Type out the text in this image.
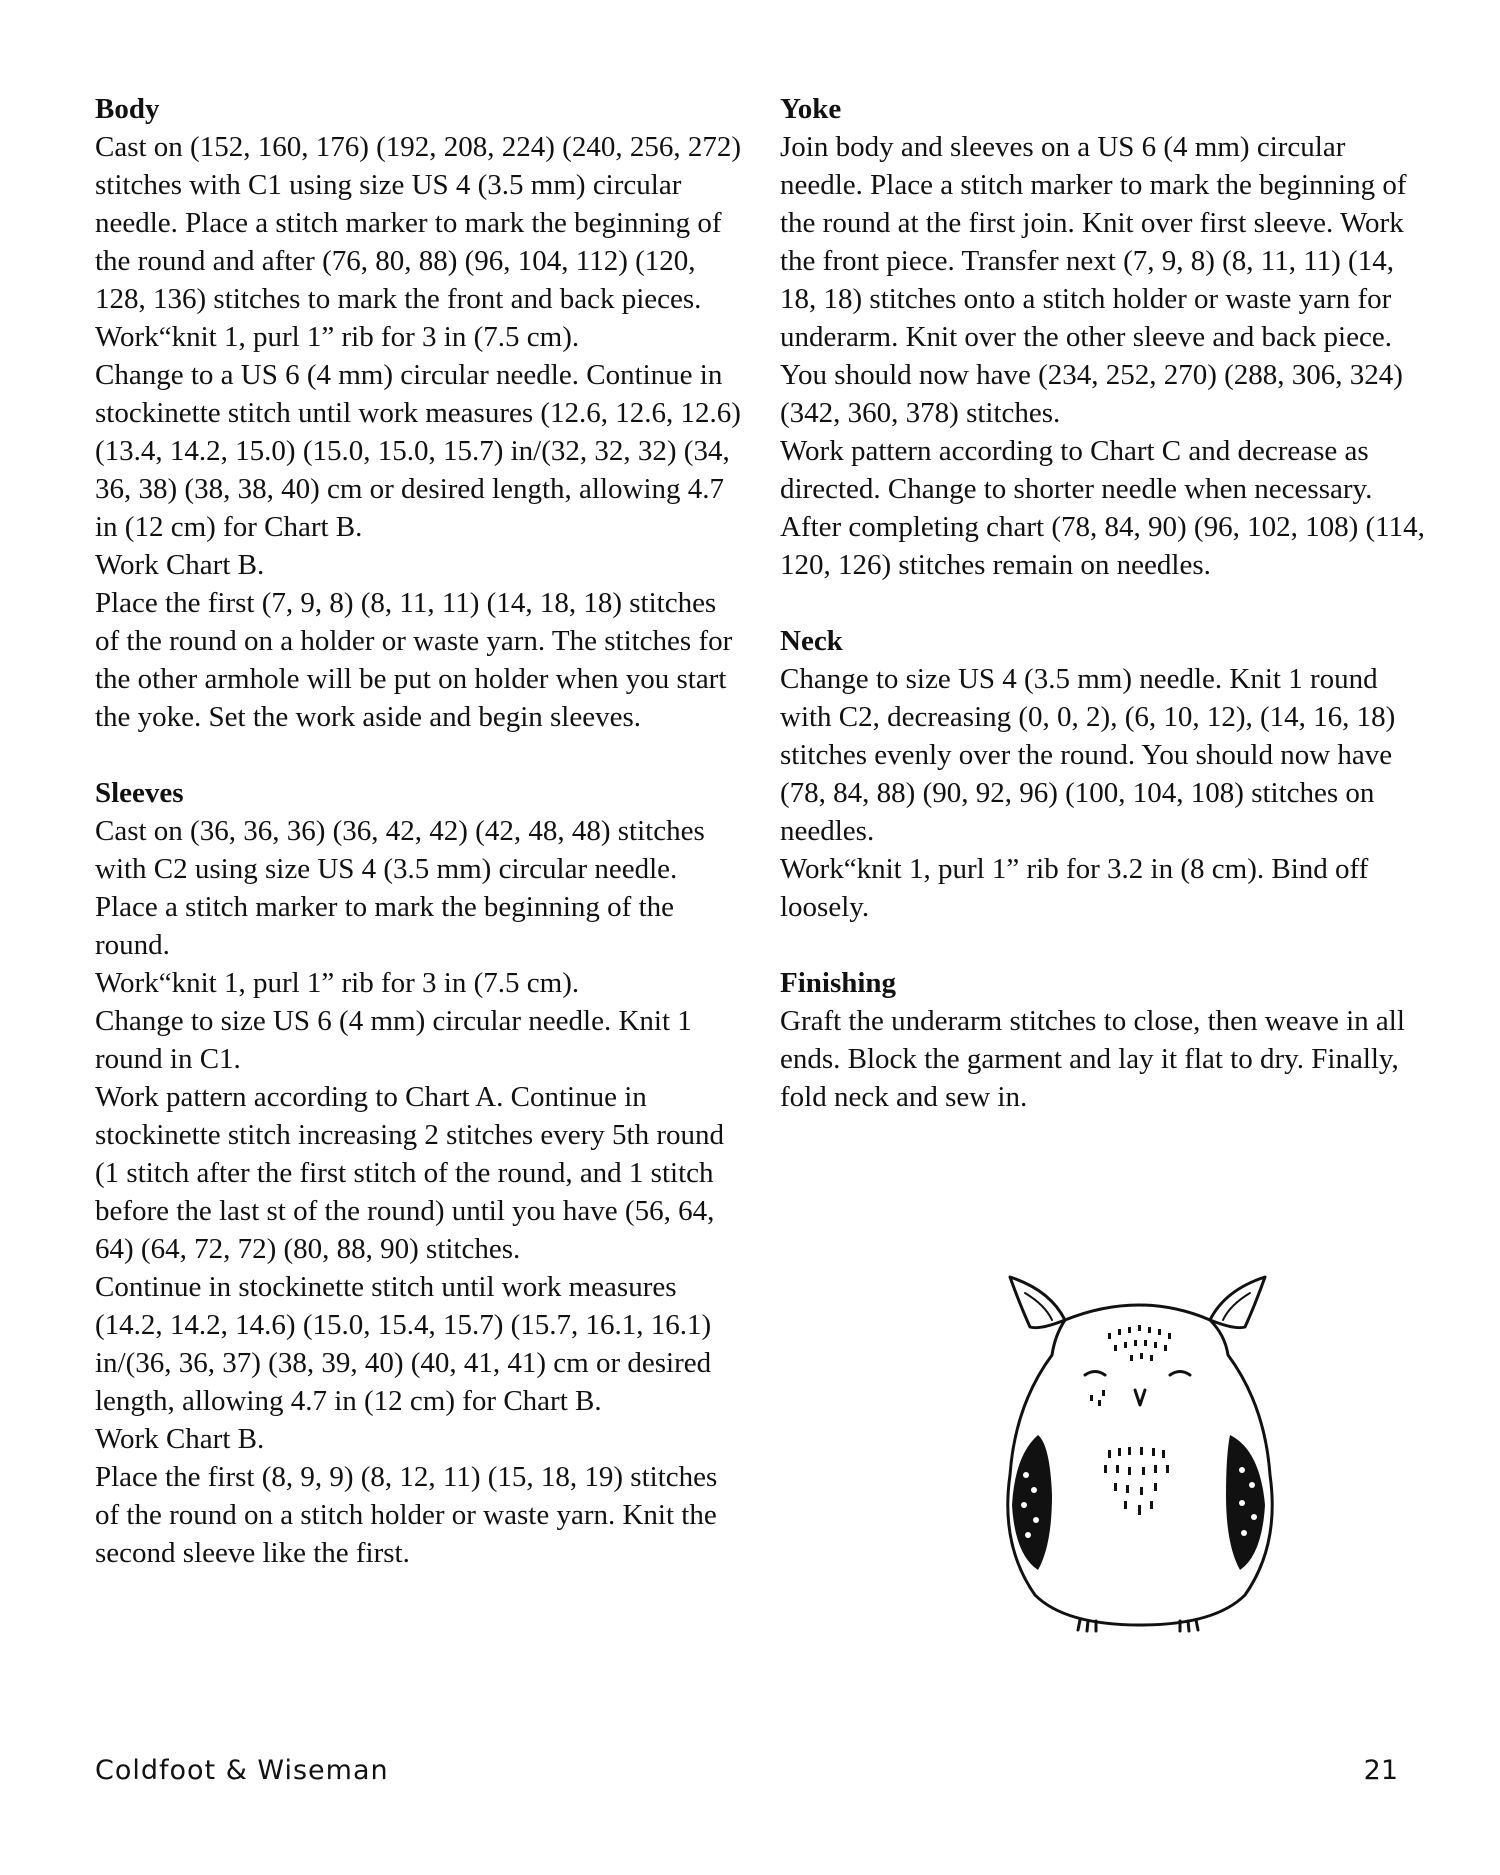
Body

Cast on (152, 160, 176) (192, 208, 224) (240, 256, 272) stitches with C1 using size US 4 (3.5 mm) circular needle. Place a stitch marker to mark the beginning of the round and after (76, 80, 88) (96, 104, 112) (120, 128, 136) stitches to mark the front and back pieces.

Work“knit 1, purl 1” rib for 3 in (7.5 cm).

Change to a US 6 (4 mm) circular needle. Continue in stockinette stitch until work measures (12.6, 12.6, 12.6) (13.4, 14.2, 15.0) (15.0, 15.0, 15.7) in/(32, 32, 32) (34, 36, 38) (38, 38, 40) cm or desired length, allowing 4.7 in (12 cm) for Chart B.

Work Chart B.

Place the first (7, 9, 8) (8, 11, 11) (14, 18, 18) stitches of the round on a holder or waste yarn. The stitches for the other armhole will be put on holder when you start the yoke. Set the work aside and begin sleeves.

Sleeves

Cast on (36, 36, 36) (36, 42, 42) (42, 48, 48) stitches with C2 using size US 4 (3.5 mm) circular needle. Place a stitch marker to mark the beginning of the round.

Work“knit 1, purl 1” rib for 3 in (7.5 cm).

Change to size US 6 (4 mm) circular needle. Knit 1 round in C1.

Work pattern according to Chart A. Continue in stockinette stitch increasing 2 stitches every 5th round (1 stitch after the first stitch of the round, and 1 stitch before the last st of the round) until you have (56, 64, 64) (64, 72, 72) (80, 88, 90) stitches.

Continue in stockinette stitch until work measures (14.2, 14.2, 14.6) (15.0, 15.4, 15.7) (15.7, 16.1, 16.1) in/(36, 36, 37) (38, 39, 40) (40, 41, 41) cm or desired length, allowing 4.7 in (12 cm) for Chart B.

Work Chart B.

Place the first (8, 9, 9) (8, 12, 11) (15, 18, 19) stitches of the round on a stitch holder or waste yarn. Knit the second sleeve like the first.

Yoke

Join body and sleeves on a US 6 (4 mm) circular needle. Place a stitch marker to mark the beginning of the round at the first join. Knit over first sleeve. Work the front piece. Transfer next (7, 9, 8) (8, 11, 11) (14, 18, 18) stitches onto a stitch holder or waste yarn for underarm. Knit over the other sleeve and back piece. You should now have (234, 252, 270) (288, 306, 324) (342, 360, 378) stitches.

Work pattern according to Chart C and decrease as directed. Change to shorter needle when necessary. After completing chart (78, 84, 90) (96, 102, 108) (114, 120, 126) stitches remain on needles.

Neck

Change to size US 4 (3.5 mm) needle. Knit 1 round with C2, decreasing (0, 0, 2), (6, 10, 12), (14, 16, 18) stitches evenly over the round. You should now have (78, 84, 88) (90, 92, 96) (100, 104, 108) stitches on needles.

Work“knit 1, purl 1” rib for 3.2 in (8 cm). Bind off loosely.

Finishing

Graft the underarm stitches to close, then weave in all ends. Block the garment and lay it flat to dry. Finally, fold neck and sew in.

Coldfoot & Wiseman	21
